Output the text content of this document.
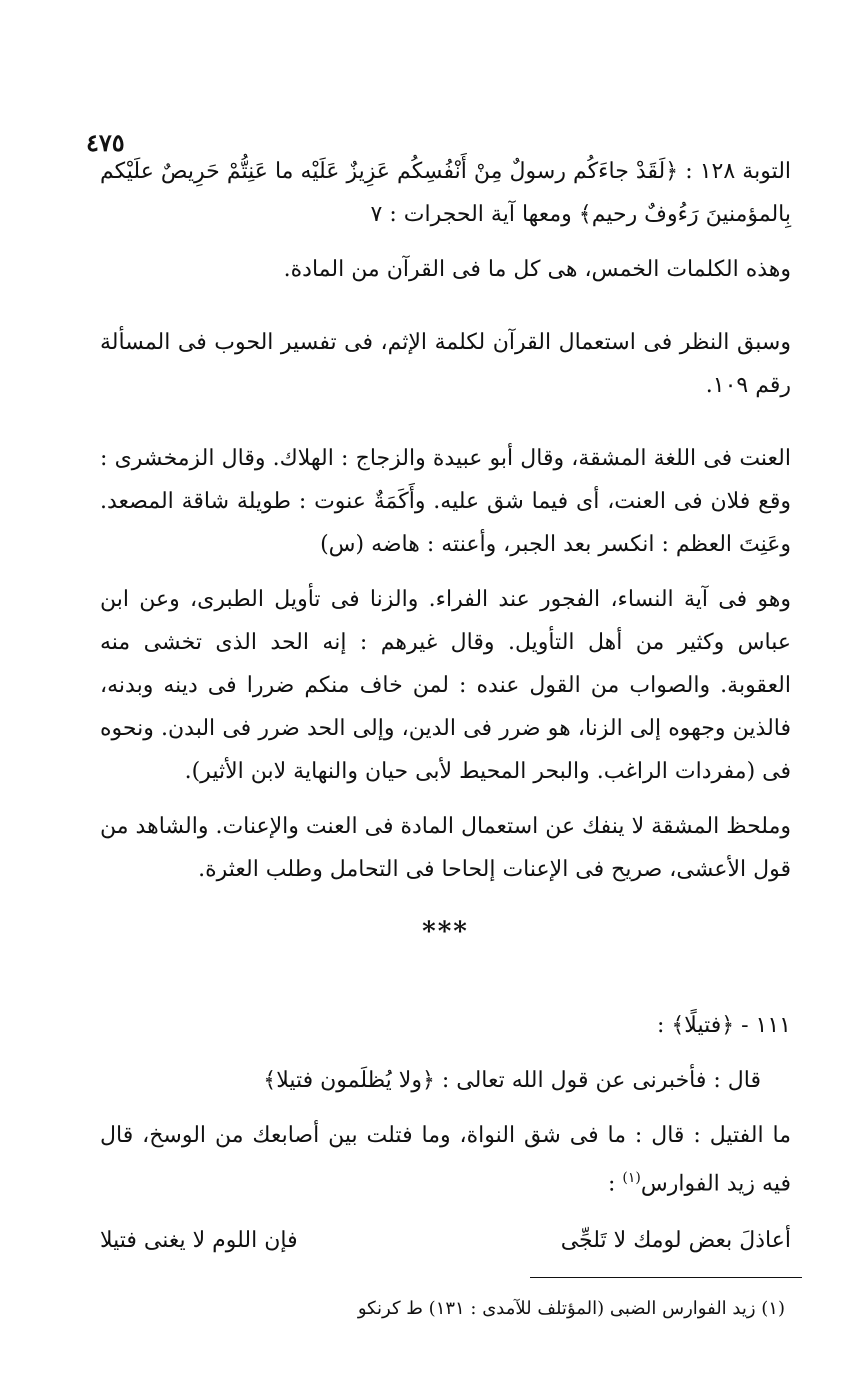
٤٧٥

التوبة ١٢٨ : ﴿لَقَدْ جاءَكُم رسولٌ مِنْ أَنْفُسِكُم عَزِيزٌ عَلَيْه ما عَنِتُّمْ حَرِيصٌ علَيْكم بِالمؤمنينَ رَءُوفٌ رحيم﴾ ومعها آية الحجرات : ٧

وهذه الكلمات الخمس، هى كل ما فى القرآن من المادة.

وسبق النظر فى استعمال القرآن لكلمة الإثم، فى تفسير الحوب فى المسألة رقم ١٠٩.

العنت فى اللغة المشقة، وقال أبو عبيدة والزجاج : الهلاك. وقال الزمخشرى : وقع فلان فى العنت، أى فيما شق عليه. وأَكَمَةٌ عنوت : طويلة شاقة المصعد. وعَنِتَ العظم : انكسر بعد الجبر، وأعنته : هاضه (س)

وهو فى آية النساء، الفجور عند الفراء. والزنا فى تأويل الطبرى، وعن ابن عباس وكثير من أهل التأويل. وقال غيرهم : إنه الحد الذى تخشى منه العقوبة. والصواب من القول عنده : لمن خاف منكم ضررا فى دينه وبدنه، فالذين وجهوه إلى الزنا، هو ضرر فى الدين، وإلى الحد ضرر فى البدن. ونحوه فى (مفردات الراغب. والبحر المحيط لأبى حيان والنهاية لابن الأثير).

وملحظ المشقة لا ينفك عن استعمال المادة فى العنت والإعنات. والشاهد من قول الأعشى، صريح فى الإعنات إلحاحا فى التحامل وطلب العثرة.

***

١١١ - ﴿فتيلًا﴾ :

قال : فأخبرنى عن قول الله تعالى : ﴿ولا يُظلَمون فتيلا﴾

ما الفتيل : قال : ما فى شق النواة، وما فتلت بين أصابعك من الوسخ، قال فيه زيد الفوارس$^{(١)}$ :

أعاذلَ بعض لومك لا تَلجِّى
فإن اللوم لا يغنى فتيلا

(١) زيد الفوارس الضبى (المؤتلف للآمدى : ١٣١) ط كرنكو
